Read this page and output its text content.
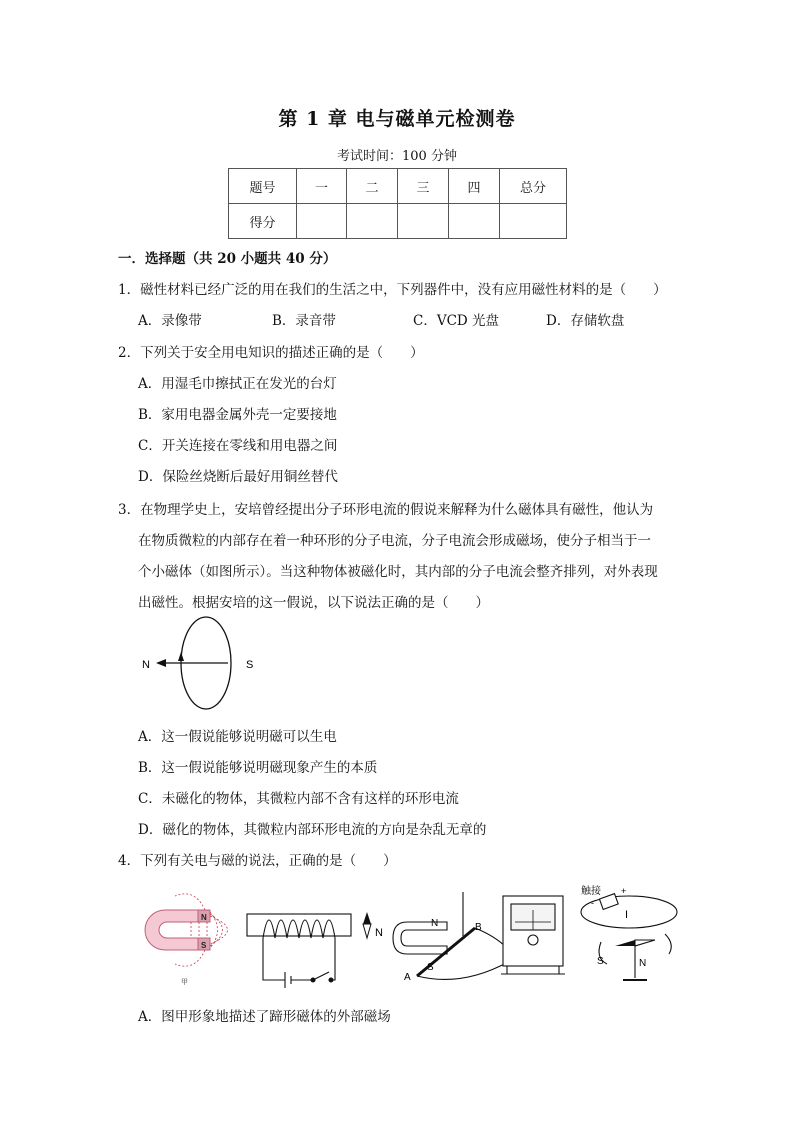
第 1 章 电与磁单元检测卷
考试时间：100 分钟
题号	一	二	三	四	总分
得分					
一．选择题（共 20 小题共 40 分）
1．磁性材料已经广泛的用在我们的生活之中，下列器件中，没有应用磁性材料的是（　　）
A．录像带	B．录音带	C．VCD 光盘	D．存储软盘
2．下列关于安全用电知识的描述正确的是（　　）
A．用湿毛巾擦拭正在发光的台灯
B．家用电器金属外壳一定要接地
C．开关连接在零线和用电器之间
D．保险丝烧断后最好用铜丝替代
3．在物理学史上，安培曾经提出分子环形电流的假说来解释为什么磁体具有磁性，他认为
在物质微粒的内部存在着一种环形的分子电流，分子电流会形成磁场，使分子相当于一
个小磁体（如图所示）。当这种物体被磁化时，其内部的分子电流会整齐排列，对外表现
出磁性。根据安培的这一假说，以下说法正确的是（　　）
N	S
A．这一假说能够说明磁可以生电
B．这一假说能够说明磁现象产生的本质
C．未磁化的物体，其微粒内部不含有这样的环形电流
D．磁化的物体，其微粒内部环形电流的方向是杂乱无章的
4．下列有关电与磁的说法，正确的是（　　）
N
S
甲
N
N
S
A
B
触接 +
-
I
S	N
A．图甲形象地描述了蹄形磁体的外部磁场
